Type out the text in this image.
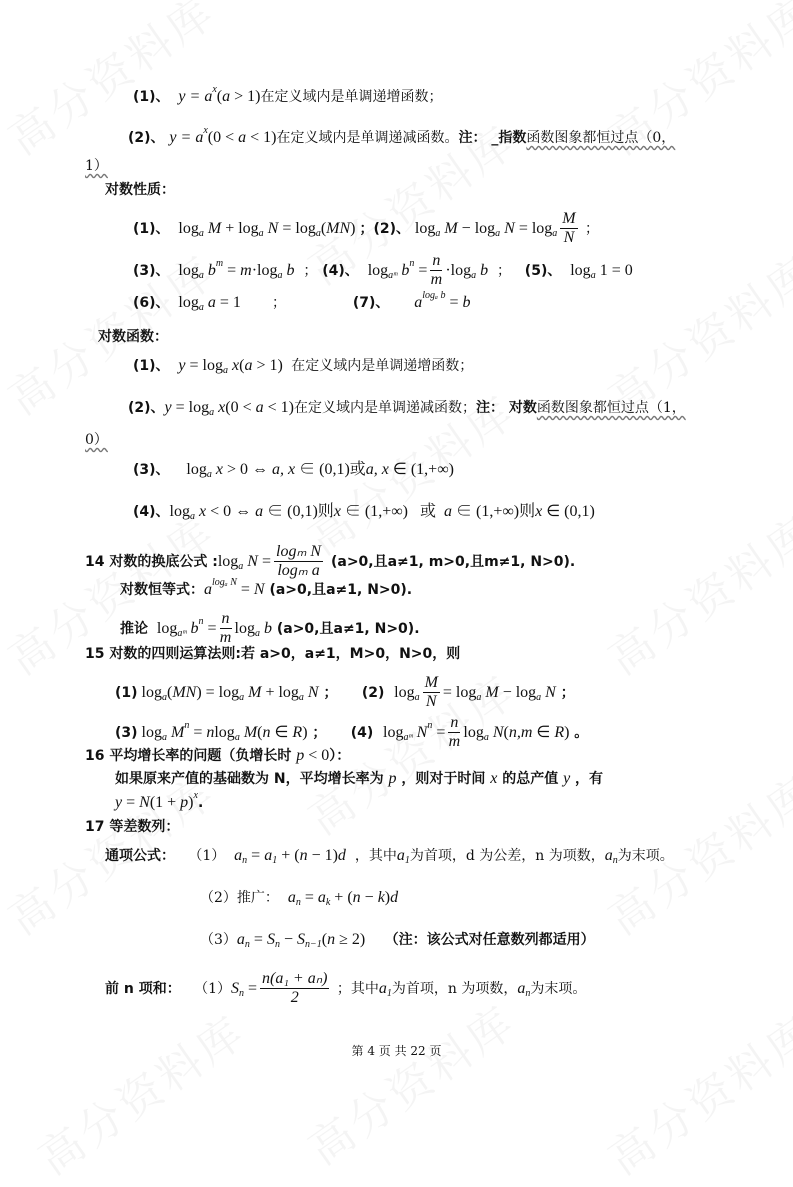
(1)、 y = a x ( a > 1) 在定义域内是单调递增函数；
(2)、 y = a x (0 < a < 1) 在定义域内是单调递减函数。 注： _指数 函数图象都恒过点（0，
1）
对数性质：
(1)、 log a M + log a N = log a ( MN ) ；(2)、 log a M − log a N = log a $\frac{M}{N}$ ；
(3)、 log a b m = m ·log a b ； (4)、 log aᵐ b $n = \frac{n}{m} \cdot\log$ a b ； (5)、 log a 1 = 0
(6)、 log a a = 1 ； (7)、 a logₐ b = b
对数函数：
(1)、 y = log a x ( a > 1) 在定义域内是单调递增函数；
(2)、 y = log a x (0 < a < 1) 在定义域内是单调递减函数； 注： 对数 函数图象都恒过点（1，
0）
(3)、 log a x > 0 ⇔ a, x ∈ (0,1)或 a, x ∈ (1,+∞)
(4)、 log a x < 0 ⇔ a ∈ (0,1)则 x ∈ (1,+∞)   或 a ∈ (1,+∞)则 x ∈ (0,1)
14 对数的换底公式 : log a $N = \frac{\text{logₘ N}}{\text{logₘ a}} (a>0$,且a≠1, m>0,且m≠1, N>0).
对数恒等式： a logₐ N = N (a>0,且a≠1, N>0).
推论 log aᵐ b $n = \frac{n}{m}$ log a b (a>0,且a≠1, N>0).
15 对数的四则运算法则:若 a>0，a≠1，M>0，N>0，则
(1) log a ( MN ) = log a M + log a N ；     (2) log a $\frac{M}{N} = \log a$ M − log a N ；
(3) log a M n = n log a M ( n ∈ R ) ；     (4) log aᵐ N $n = \frac{n}{m}$ log a N ( n,m ∈ R ) 。
16 平均增长率的问题（负增长时 p < 0 ）：
如果原来产值的基础数为 N，平均增长率为 p ，则对于时间 x 的总产值 y ，有
y = N (1 + p ) x .
17 等差数列：
通项公式： （1） a n = a 1 + ( n − 1) d ，其中 a 1 为首项，d 为公差，n 为项数， a n 为末项。
（2）推广： a n = a k + ( n − k ) d
（3） a n = S n − S n−1 ( n ≥ 2) （注：该公式对任意数列都适用）
前 n 项和： （1） S $n = \frac{\text{n(a₁ + aₙ)}}{2}$ ；其中 a 1 为首项，n 为项数， a n 为末项。
第 4 页 共 22 页
